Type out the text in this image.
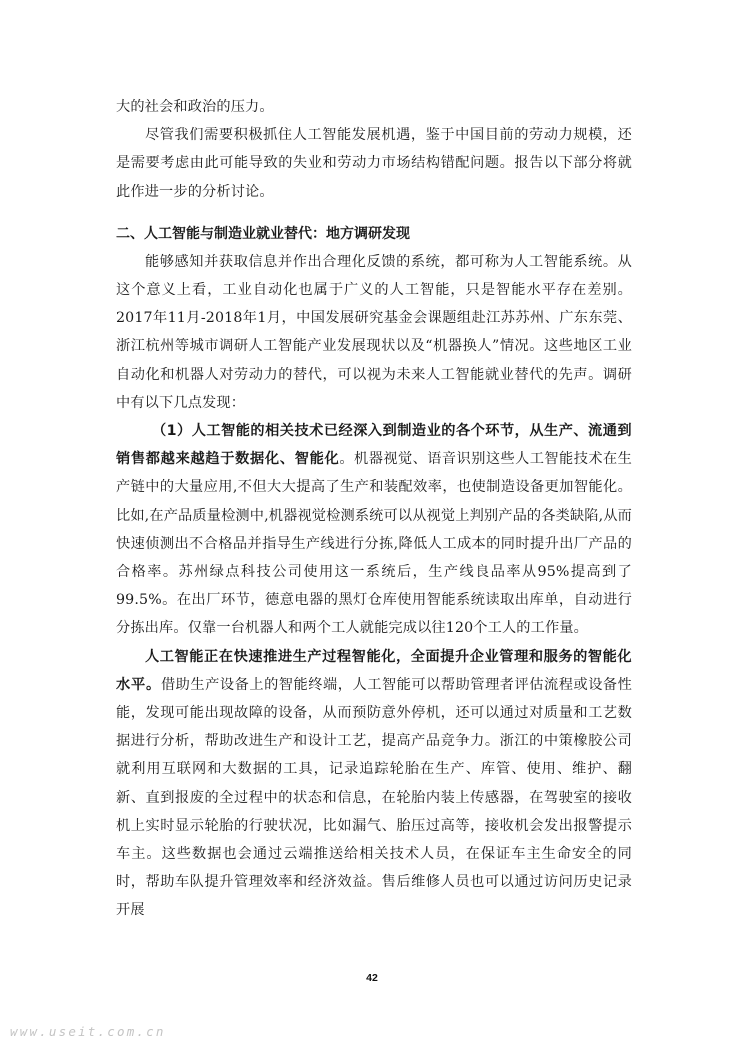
大的社会和政治的压力。

尽管我们需要积极抓住人工智能发展机遇，鉴于中国目前的劳动力规模，还是需要考虑由此可能导致的失业和劳动力市场结构错配问题。报告以下部分将就此作进一步的分析讨论。

二、人工智能与制造业就业替代：地方调研发现

能够感知并获取信息并作出合理化反馈的系统，都可称为人工智能系统。从这个意义上看，工业自动化也属于广义的人工智能，只是智能水平存在差别。2017年11月-2018年1月，中国发展研究基金会课题组赴江苏苏州、广东东莞、浙江杭州等城市调研人工智能产业发展现状以及“机器换人”情况。这些地区工业自动化和机器人对劳动力的替代，可以视为未来人工智能就业替代的先声。调研中有以下几点发现：

（1）人工智能的相关技术已经深入到制造业的各个环节，从生产、流通到销售都越来越趋于数据化、智能化。机器视觉、语音识别这些人工智能技术在生产链中的大量应用,不但大大提高了生产和装配效率，也使制造设备更加智能化。比如,在产品质量检测中,机器视觉检测系统可以从视觉上判别产品的各类缺陷,从而快速侦测出不合格品并指导生产线进行分拣,降低人工成本的同时提升出厂产品的合格率。苏州绿点科技公司使用这一系统后，生产线良品率从95%提高到了99.5%。在出厂环节，德意电器的黑灯仓库使用智能系统读取出库单，自动进行分拣出库。仅靠一台机器人和两个工人就能完成以往120个工人的工作量。

人工智能正在快速推进生产过程智能化，全面提升企业管理和服务的智能化水平。借助生产设备上的智能终端，人工智能可以帮助管理者评估流程或设备性能，发现可能出现故障的设备，从而预防意外停机，还可以通过对质量和工艺数据进行分析，帮助改进生产和设计工艺，提高产品竞争力。浙江的中策橡胶公司就利用互联网和大数据的工具，记录追踪轮胎在生产、库管、使用、维护、翻新、直到报废的全过程中的状态和信息，在轮胎内装上传感器，在驾驶室的接收机上实时显示轮胎的行驶状况，比如漏气、胎压过高等，接收机会发出报警提示车主。这些数据也会通过云端推送给相关技术人员，在保证车主生命安全的同时，帮助车队提升管理效率和经济效益。售后维修人员也可以通过访问历史记录开展

42
www.useit.com.cn
